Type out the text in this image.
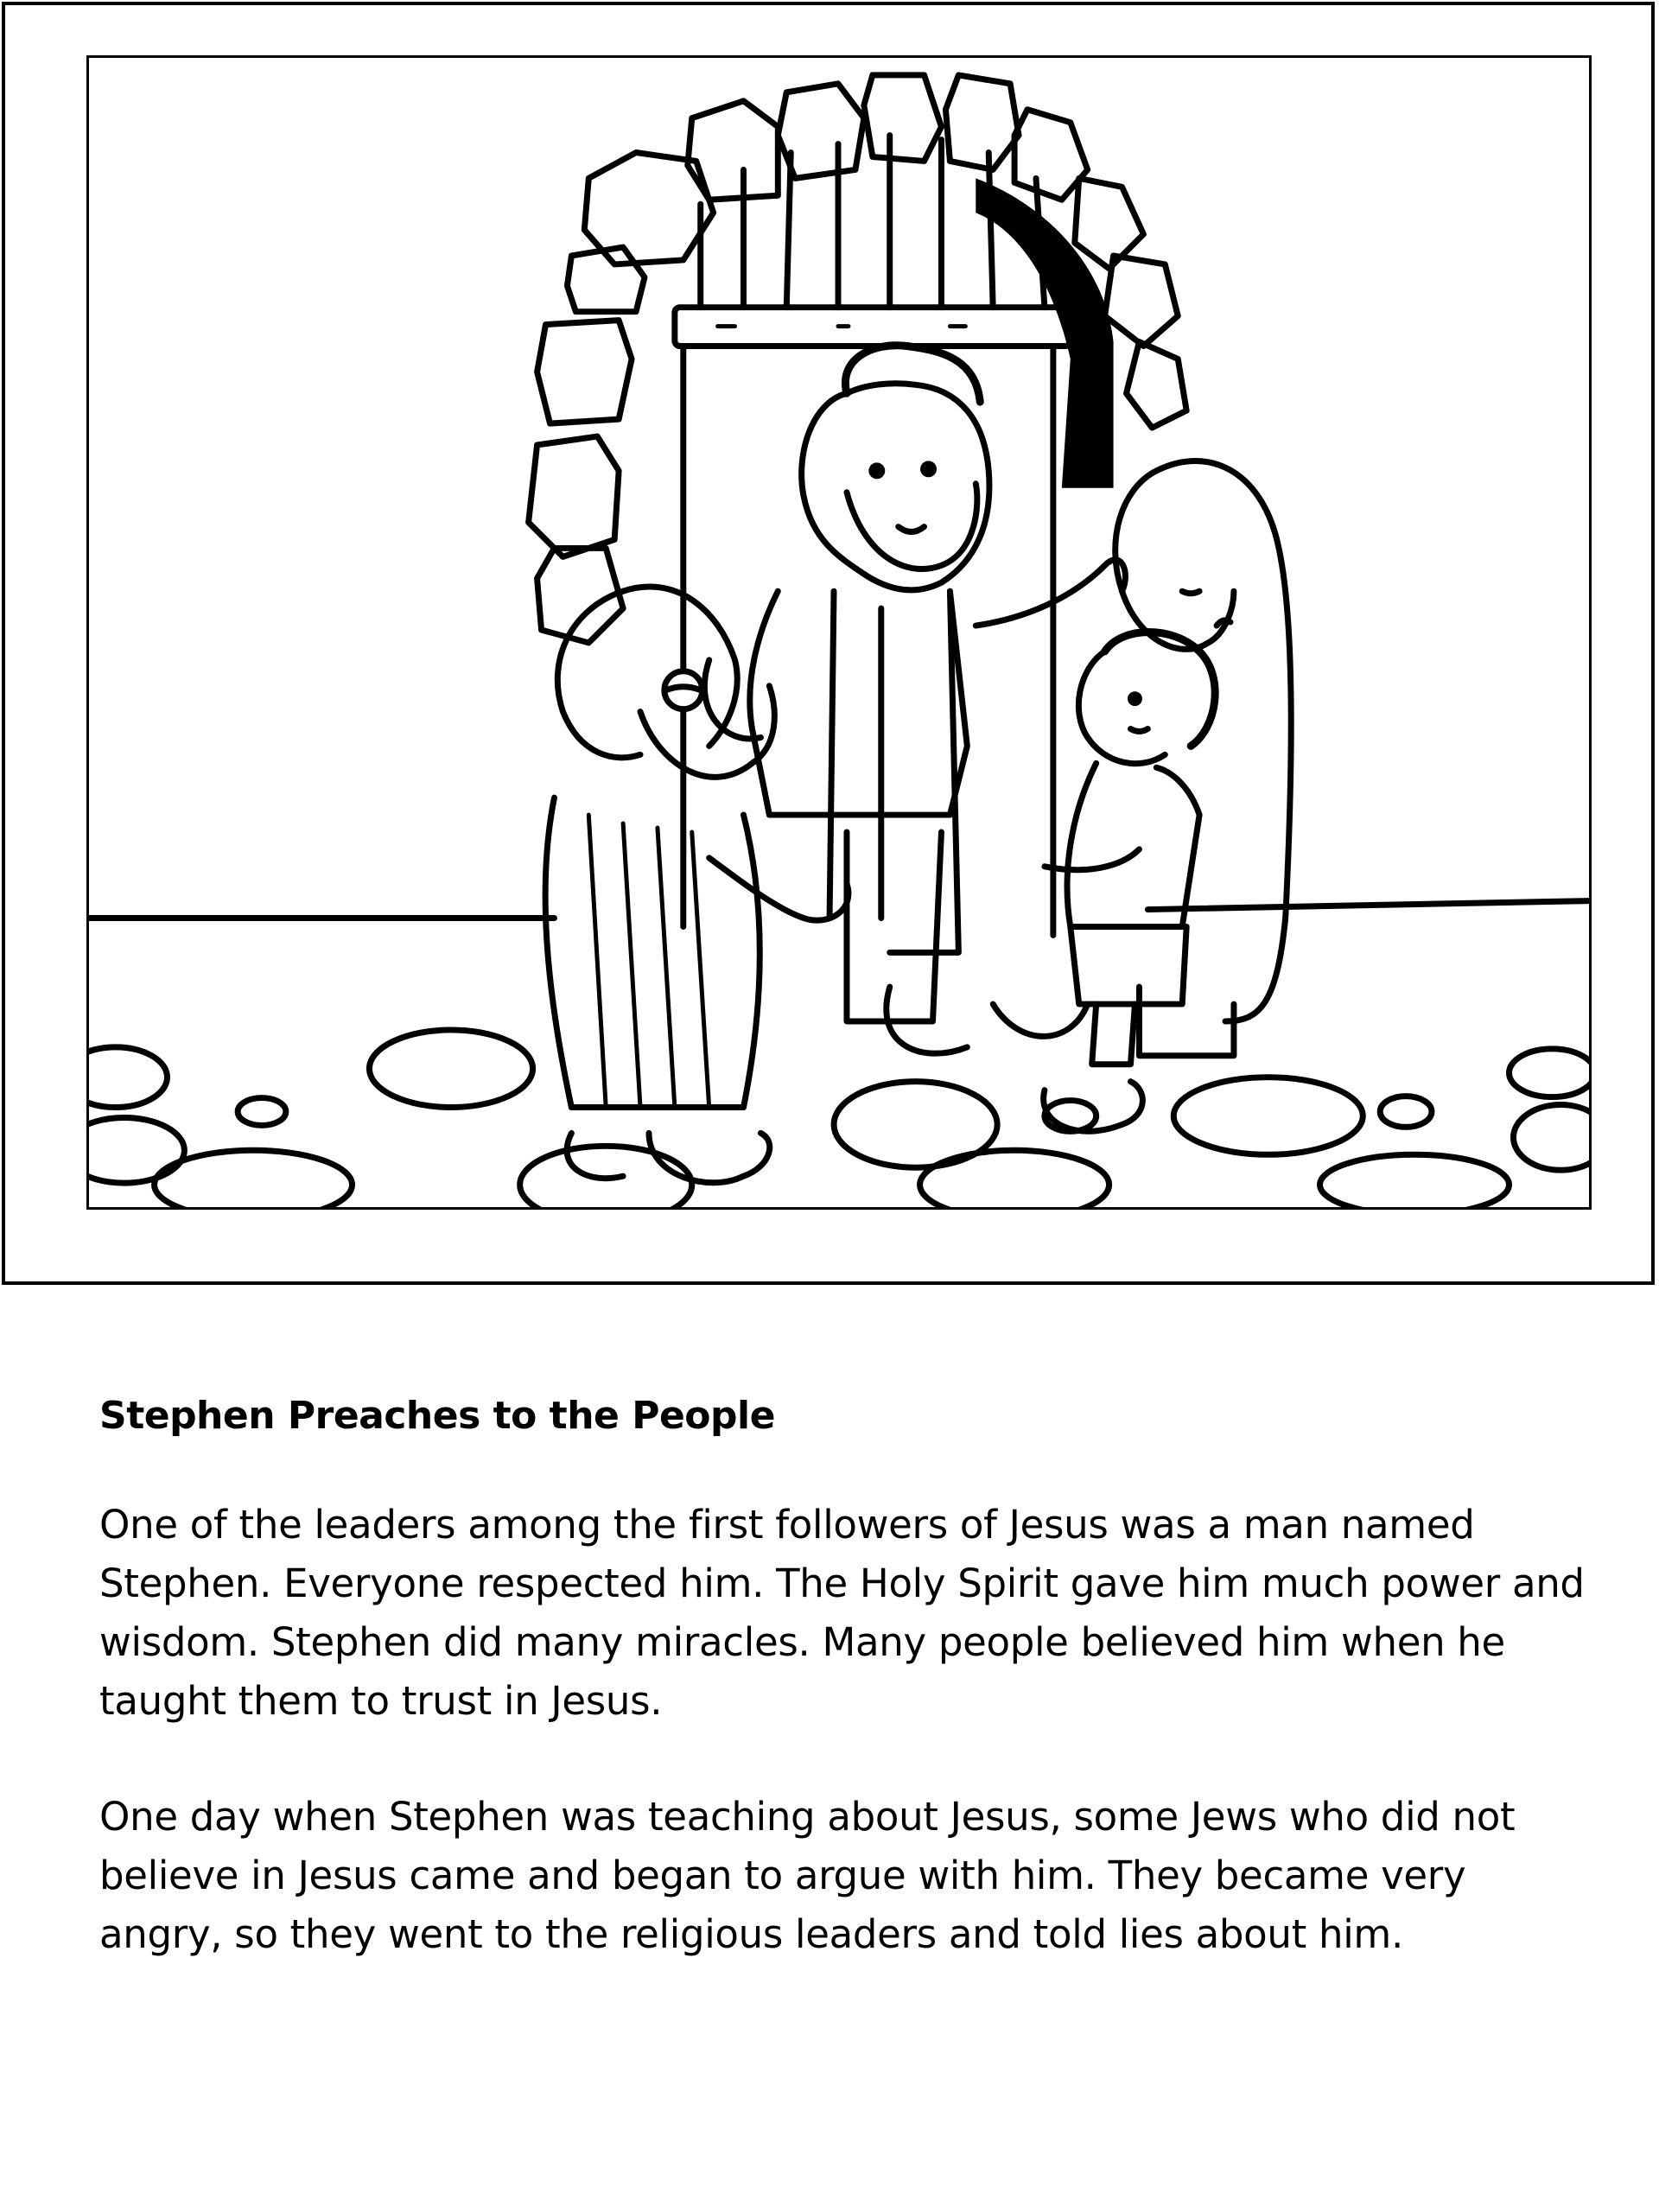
Stephen Preaches to the People

One of the leaders among the first followers of Jesus was a man named Stephen. Everyone respected him. The Holy Spirit gave him much power and wisdom. Stephen did many miracles. Many people believed him when he taught them to trust in Jesus.

One day when Stephen was teaching about Jesus, some Jews who did not believe in Jesus came and began to argue with him. They became very angry, so they went to the religious leaders and told lies about him.
